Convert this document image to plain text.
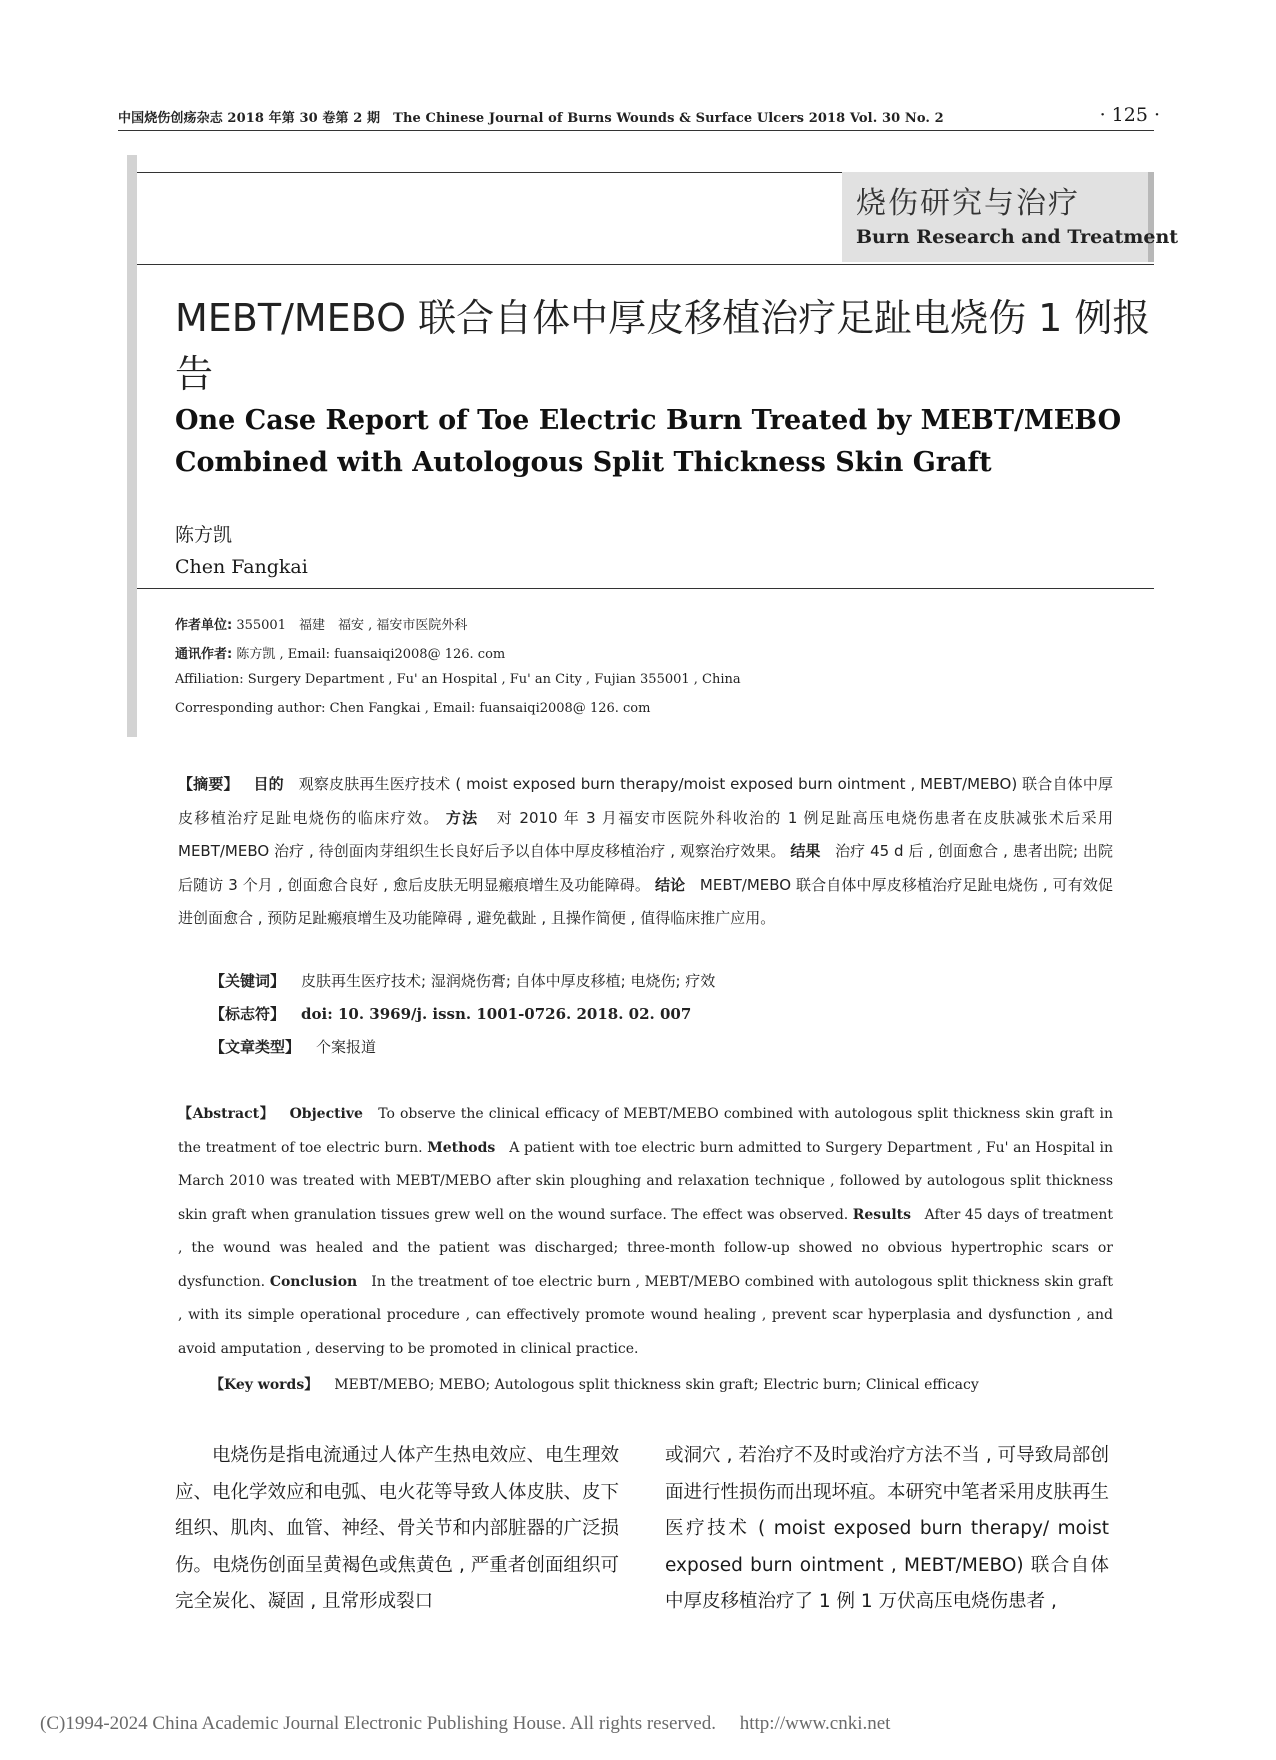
中国烧伤创疡杂志 2018 年第 30 卷第 2 期　The Chinese Journal of Burns Wounds & Surface Ulcers 2018 Vol. 30 No. 2	· 125 ·
烧伤研究与治疗
Burn Research and Treatment
MEBT/MEBO 联合自体中厚皮移植治疗足趾电烧伤 1 例报告
One Case Report of Toe Electric Burn Treated by MEBT/MEBO Combined with Autologous Split Thickness Skin Graft
陈方凯
Chen Fangkai
作者单位: 355001　福建　福安 , 福安市医院外科
通讯作者: 陈方凯 , Email: fuansaiqi2008@ 126. com
Affiliation: Surgery Department , Fu' an Hospital , Fu' an City , Fujian 355001 , China
Corresponding author: Chen Fangkai , Email: fuansaiqi2008@ 126. com
【摘要】 目的 观察皮肤再生医疗技术 ( moist exposed burn therapy/moist exposed burn ointment , MEBT/MEBO) 联合自体中厚皮移植治疗足趾电烧伤的临床疗效。 方法 对 2010 年 3 月福安市医院外科收治的 1 例足趾高压电烧伤患者在皮肤减张术后采用 MEBT/MEBO 治疗 , 待创面肉芽组织生长良好后予以自体中厚皮移植治疗 , 观察治疗效果。 结果 治疗 45 d 后 , 创面愈合 , 患者出院; 出院后随访 3 个月 , 创面愈合良好 , 愈后皮肤无明显瘢痕增生及功能障碍。 结论 MEBT/MEBO 联合自体中厚皮移植治疗足趾电烧伤 , 可有效促进创面愈合 , 预防足趾瘢痕增生及功能障碍 , 避免截趾 , 且操作简便 , 值得临床推广应用。
【关键词】 皮肤再生医疗技术; 湿润烧伤膏; 自体中厚皮移植; 电烧伤; 疗效
【标志符】 doi: 10. 3969/j. issn. 1001-0726. 2018. 02. 007
【文章类型】 个案报道
【Abstract】 Objective To observe the clinical efficacy of MEBT/MEBO combined with autologous split thickness skin graft in the treatment of toe electric burn. Methods A patient with toe electric burn admitted to Surgery Department , Fu' an Hospital in March 2010 was treated with MEBT/MEBO after skin ploughing and relaxation technique , followed by autologous split thickness skin graft when granulation tissues grew well on the wound surface. The effect was observed. Results After 45 days of treatment , the wound was healed and the patient was discharged; three-month follow-up showed no obvious hypertrophic scars or dysfunction. Conclusion In the treatment of toe electric burn , MEBT/MEBO combined with autologous split thickness skin graft , with its simple operational procedure , can effectively promote wound healing , prevent scar hyperplasia and dysfunction , and avoid amputation , deserving to be promoted in clinical practice.
【Key words】 MEBT/MEBO; MEBO; Autologous split thickness skin graft; Electric burn; Clinical efficacy
电烧伤是指电流通过人体产生热电效应、电生理效应、电化学效应和电弧、电火花等导致人体皮肤、皮下组织、肌肉、血管、神经、骨关节和内部脏器的广泛损伤。电烧伤创面呈黄褐色或焦黄色 , 严重者创面组织可完全炭化、凝固 , 且常形成裂口
或洞穴 , 若治疗不及时或治疗方法不当 , 可导致局部创面进行性损伤而出现坏疽。本研究中笔者采用皮肤再生医疗技术 ( moist exposed burn therapy/ moist exposed burn ointment , MEBT/MEBO) 联合自体中厚皮移植治疗了 1 例 1 万伏高压电烧伤患者 ,
(C)1994-2024 China Academic Journal Electronic Publishing House. All rights reserved.　 http://www.cnki.net
